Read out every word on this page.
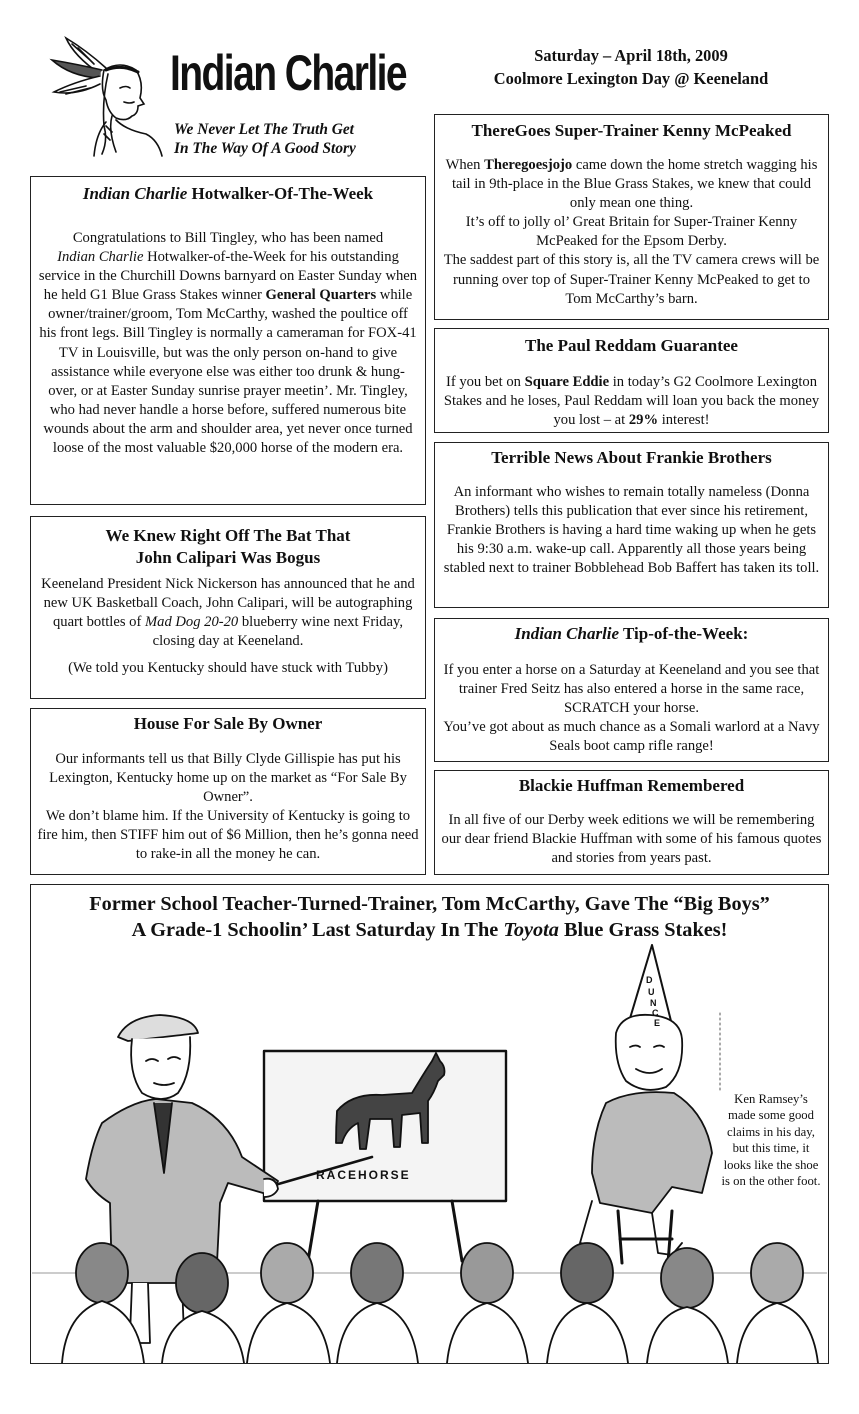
Indian Charlie
We Never Let The Truth Get
In The Way Of A Good Story
Saturday – April 18th, 2009
Coolmore Lexington Day @ Keeneland
Indian Charlie Hotwalker-Of-The-Week
Congratulations to Bill Tingley, who has been named
Indian Charlie Hotwalker-of-the-Week for his outstanding service in the Churchill Downs barnyard on Easter Sunday when he held G1 Blue Grass Stakes winner General Quarters while owner/trainer/groom, Tom McCarthy, washed the poultice off his front legs. Bill Tingley is normally a cameraman for FOX-41 TV in Louisville, but was the only person on-hand to give assistance while everyone else was either too drunk & hung-over, or at Easter Sunday sunrise prayer meetin’. Mr. Tingley, who had never handle a horse before, suffered numerous bite wounds about the arm and shoulder area, yet never once turned loose of the most valuable $20,000 horse of the modern era.
We Knew Right Off The Bat That
John Calipari Was Bogus

Keeneland President Nick Nickerson has announced that he and new UK Basketball Coach, John Calipari, will be autographing quart bottles of Mad Dog 20-20 blueberry wine next Friday, closing day at Keeneland.

(We told you Kentucky should have stuck with Tubby)

House For Sale By Owner

Our informants tell us that Billy Clyde Gillispie has put his Lexington, Kentucky home up on the market as “For Sale By Owner”.

We don’t blame him. If the University of Kentucky is going to fire him, then STIFF him out of $6 Million, then he’s gonna need to rake-in all the money he can.

ThereGoes Super-Trainer Kenny McPeaked

When Theregoesjojo came down the home stretch wagging his tail in 9th-place in the Blue Grass Stakes, we knew that could only mean one thing.

It’s off to jolly ol’ Great Britain for Super-Trainer Kenny McPeaked for the Epsom Derby.

The saddest part of this story is, all the TV camera crews will be running over top of Super-Trainer Kenny McPeaked to get to Tom McCarthy’s barn.

The Paul Reddam Guarantee
If you bet on Square Eddie in today’s G2 Coolmore Lexington Stakes and he loses, Paul Reddam will loan you back the money you lost – at 29% interest!
Terrible News About Frankie Brothers
An informant who wishes to remain totally nameless (Donna Brothers) tells this publication that ever since his retirement, Frankie Brothers is having a hard time waking up when he gets his 9:30 a.m. wake-up call. Apparently all those years being stabled next to trainer Bobblehead Bob Baffert has taken its toll.
Indian Charlie Tip-of-the-Week:

If you enter a horse on a Saturday at Keeneland and you see that trainer Fred Seitz has also entered a horse in the same race, SCRATCH your horse.

You’ve got about as much chance as a Somali warlord at a Navy Seals boot camp rifle range!

Blackie Huffman Remembered
In all five of our Derby week editions we will be remembering our dear friend Blackie Huffman with some of his famous quotes and stories from years past.
Former School Teacher-Turned-Trainer, Tom McCarthy, Gave The “Big Boys”
A Grade-1 Schoolin’ Last Saturday In The Toyota Blue Grass Stakes!
RACEHORSE
D
U
N
C
E
Ken Ramsey’s made some good claims in his day, but this time, it looks like the shoe is on the other foot.
